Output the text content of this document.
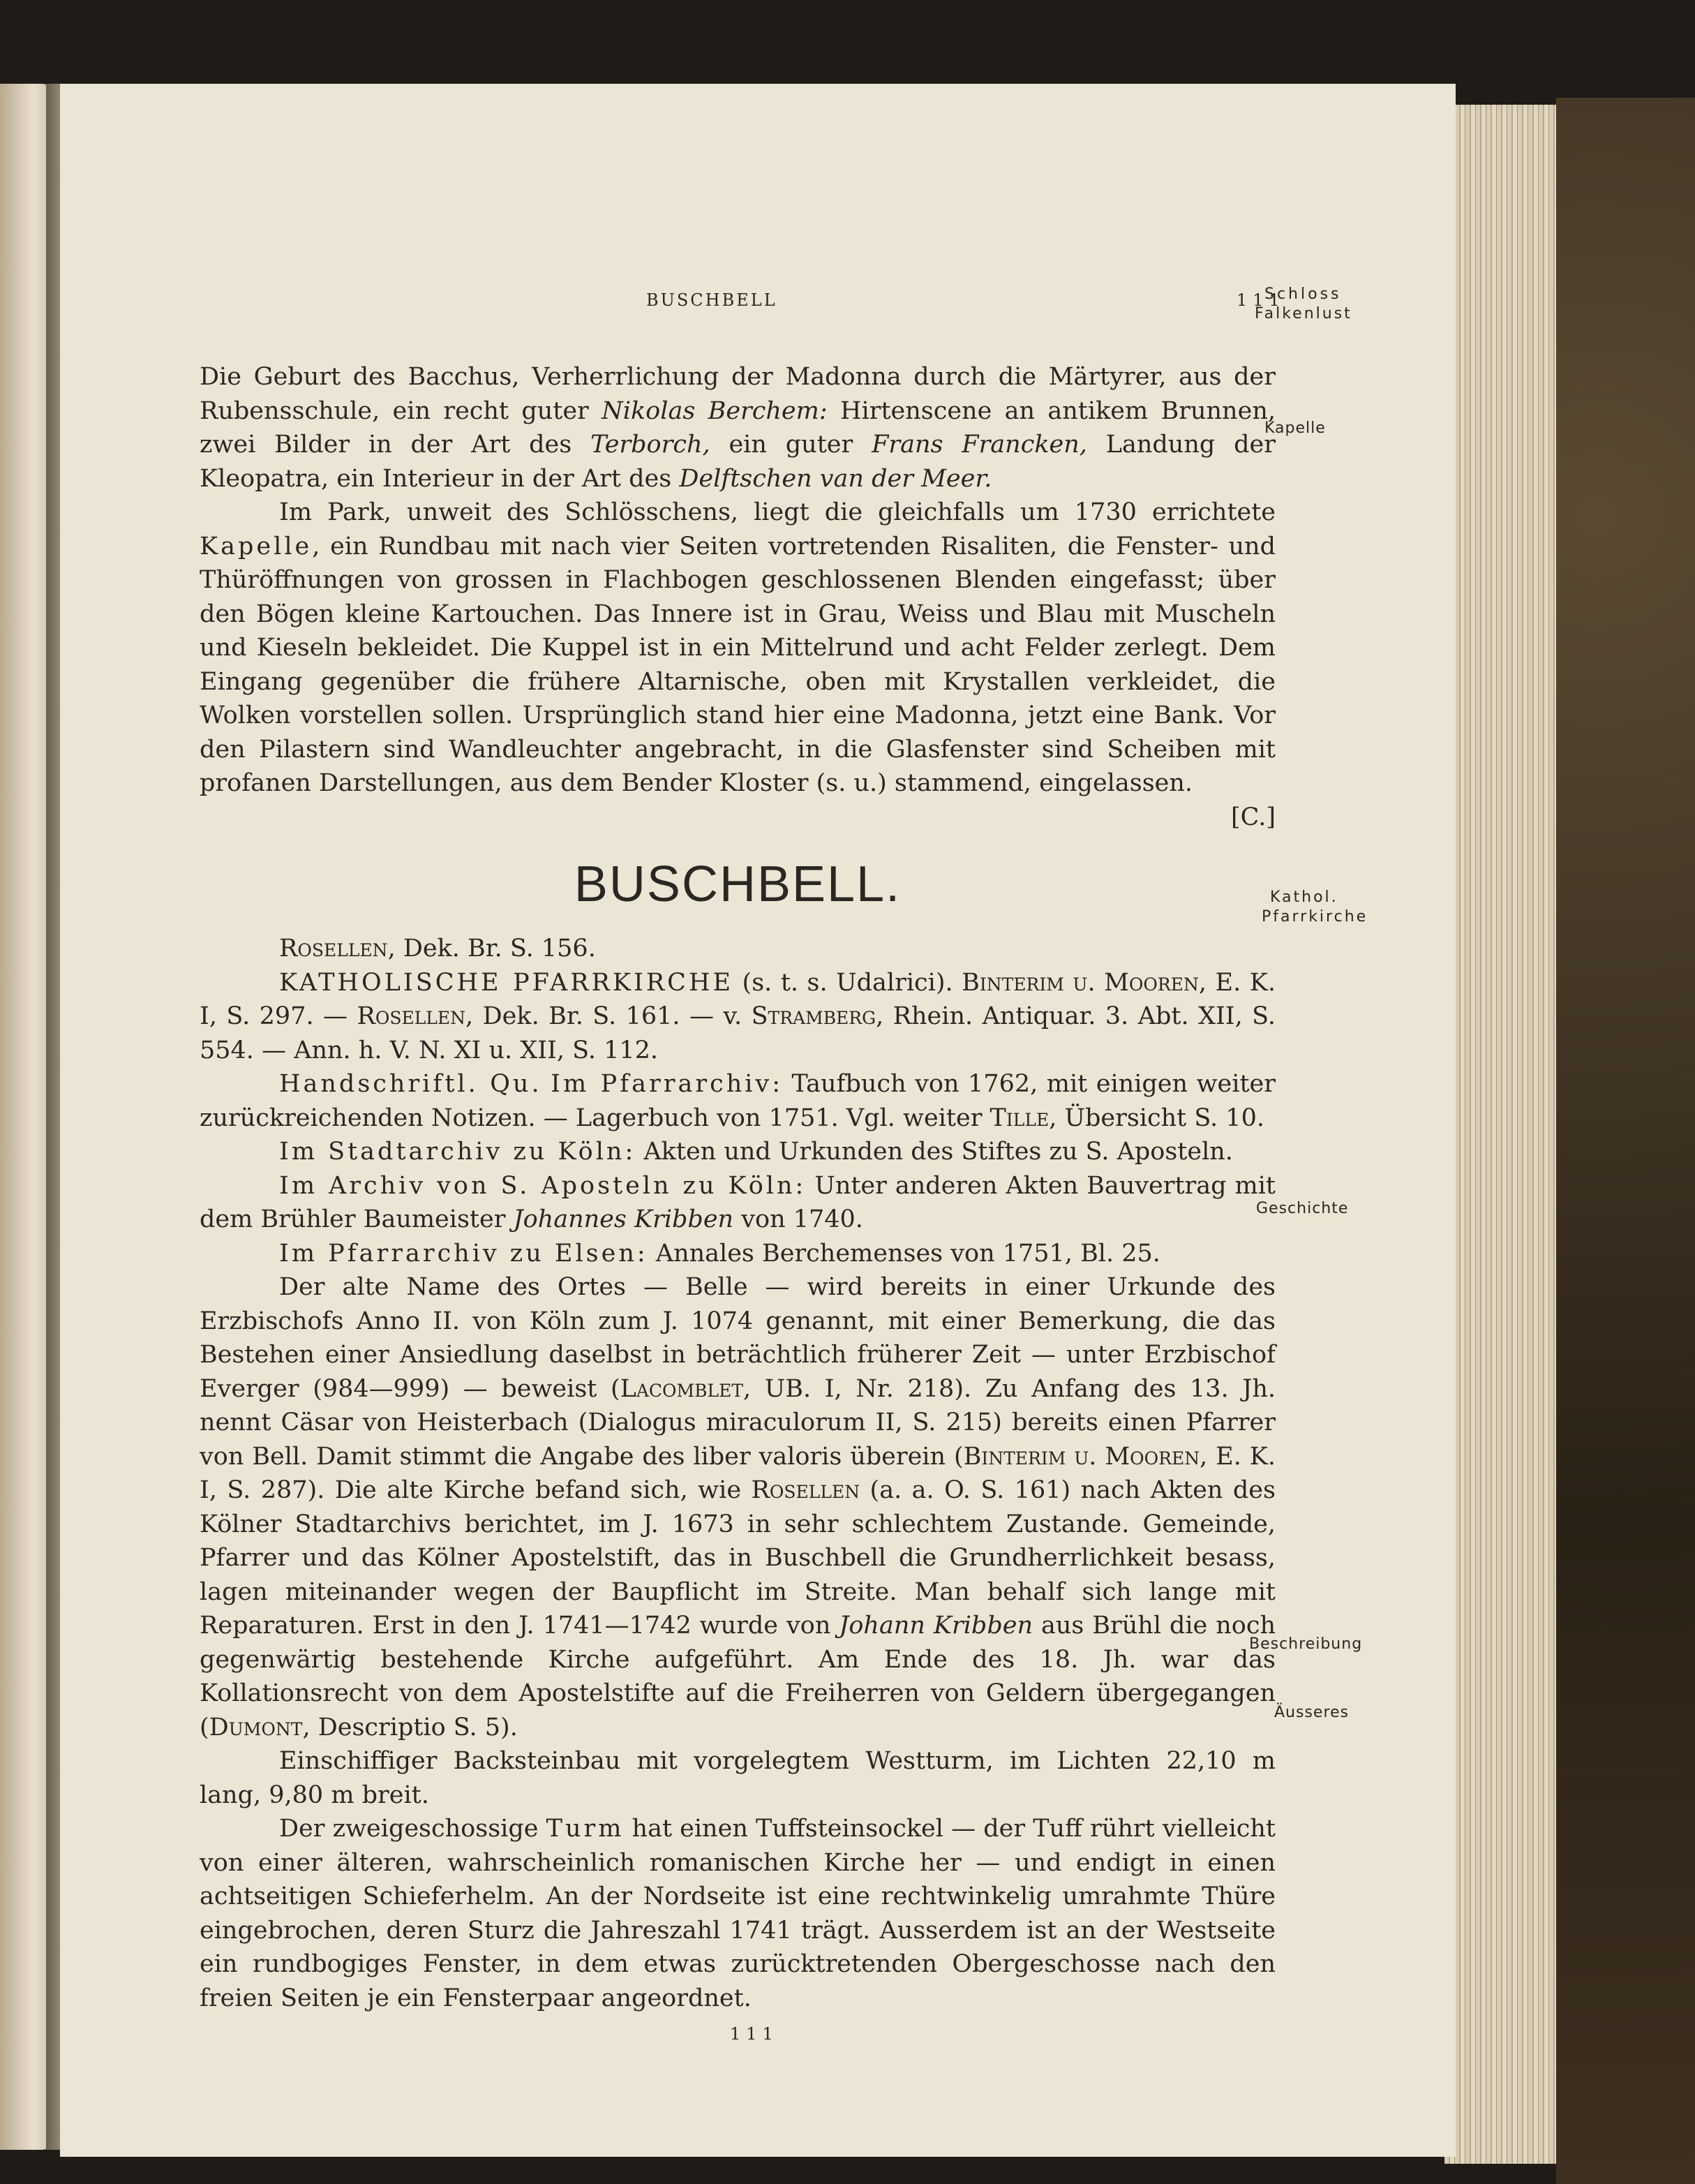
BUSCHBELL	111
Schloss
Falkenlust
Kapelle
Kathol.
Pfarrkirche
Geschichte
Beschreibung
Äusseres

Die Geburt des Bacchus, Verherrlichung der Madonna durch die Märtyrer, aus der Rubensschule, ein recht guter Nikolas Berchem: Hirtenscene an antikem Brunnen, zwei Bilder in der Art des Terborch, ein guter Frans Francken, Landung der Kleopatra, ein Interieur in der Art des Delftschen van der Meer.

Im Park, unweit des Schlösschens, liegt die gleichfalls um 1730 errichtete Kapelle, ein Rundbau mit nach vier Seiten vortretenden Risaliten, die Fenster- und Thüröffnungen von grossen in Flachbogen geschlossenen Blenden eingefasst; über den Bögen kleine Kartouchen. Das Innere ist in Grau, Weiss und Blau mit Muscheln und Kieseln bekleidet. Die Kuppel ist in ein Mittelrund und acht Felder zerlegt. Dem Eingang gegenüber die frühere Altarnische, oben mit Krystallen verkleidet, die Wolken vorstellen sollen. Ursprünglich stand hier eine Madonna, jetzt eine Bank. Vor den Pilastern sind Wandleuchter angebracht, in die Glasfenster sind Scheiben mit profanen Darstellungen, aus dem Bender Kloster (s. u.) stammend, eingelassen.

[C.]

BUSCHBELL.

Rosellen, Dek. Br. S. 156.

KATHOLISCHE PFARRKIRCHE (s. t. s. Udalrici). Binterim u. Mooren, E. K. I, S. 297. — Rosellen, Dek. Br. S. 161. — v. Stramberg, Rhein. Antiquar. 3. Abt. XII, S. 554. — Ann. h. V. N. XI u. XII, S. 112.

Handschriftl. Qu. Im Pfarrarchiv: Taufbuch von 1762, mit einigen weiter zurückreichenden Notizen. — Lagerbuch von 1751. Vgl. weiter Tille, Übersicht S. 10.

Im Stadtarchiv zu Köln: Akten und Urkunden des Stiftes zu S. Aposteln.

Im Archiv von S. Aposteln zu Köln: Unter anderen Akten Bauvertrag mit dem Brühler Baumeister Johannes Kribben von 1740.

Im Pfarrarchiv zu Elsen: Annales Berchemenses von 1751, Bl. 25.

Der alte Name des Ortes — Belle — wird bereits in einer Urkunde des Erzbischofs Anno II. von Köln zum J. 1074 genannt, mit einer Bemerkung, die das Bestehen einer Ansiedlung daselbst in beträchtlich früherer Zeit — unter Erzbischof Everger (984—999) — beweist (Lacomblet, UB. I, Nr. 218). Zu Anfang des 13. Jh. nennt Cäsar von Heisterbach (Dialogus miraculorum II, S. 215) bereits einen Pfarrer von Bell. Damit stimmt die Angabe des liber valoris überein (Binterim u. Mooren, E. K. I, S. 287). Die alte Kirche befand sich, wie Rosellen (a. a. O. S. 161) nach Akten des Kölner Stadtarchivs berichtet, im J. 1673 in sehr schlechtem Zustande. Gemeinde, Pfarrer und das Kölner Apostelstift, das in Buschbell die Grundherrlichkeit besass, lagen miteinander wegen der Baupflicht im Streite. Man behalf sich lange mit Reparaturen. Erst in den J. 1741—1742 wurde von Johann Kribben aus Brühl die noch gegenwärtig bestehende Kirche aufgeführt. Am Ende des 18. Jh. war das Kollationsrecht von dem Apostelstifte auf die Freiherren von Geldern übergegangen (Dumont, Descriptio S. 5).

Einschiffiger Backsteinbau mit vorgelegtem Westturm, im Lichten 22,10 m lang, 9,80 m breit.

Der zweigeschossige Turm hat einen Tuffsteinsockel — der Tuff rührt vielleicht von einer älteren, wahrscheinlich romanischen Kirche her — und endigt in einen achtseitigen Schieferhelm. An der Nordseite ist eine rechtwinkelig umrahmte Thüre eingebrochen, deren Sturz die Jahreszahl 1741 trägt. Ausserdem ist an der Westseite ein rundbogiges Fenster, in dem etwas zurücktretenden Obergeschosse nach den freien Seiten je ein Fensterpaar angeordnet.

111
